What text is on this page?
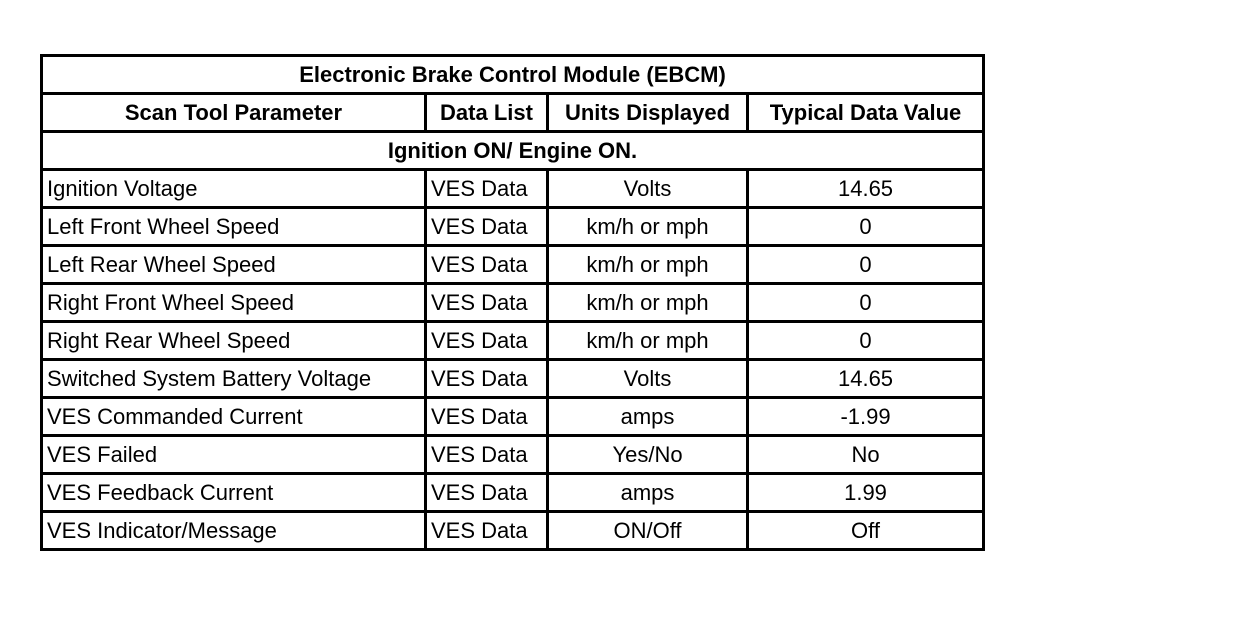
Electronic Brake Control Module (EBCM)			
Scan Tool Parameter	Data List	Units Displayed	Typical Data Value
Ignition ON/ Engine ON.			
Ignition Voltage	VES Data	Volts	14.65
Left Front Wheel Speed	VES Data	km/h or mph	0
Left Rear Wheel Speed	VES Data	km/h or mph	0
Right Front Wheel Speed	VES Data	km/h or mph	0
Right Rear Wheel Speed	VES Data	km/h or mph	0
Switched System Battery Voltage	VES Data	Volts	14.65
VES Commanded Current	VES Data	amps	-1.99
VES Failed	VES Data	Yes/No	No
VES Feedback Current	VES Data	amps	1.99
VES Indicator/Message	VES Data	ON/Off	Off
